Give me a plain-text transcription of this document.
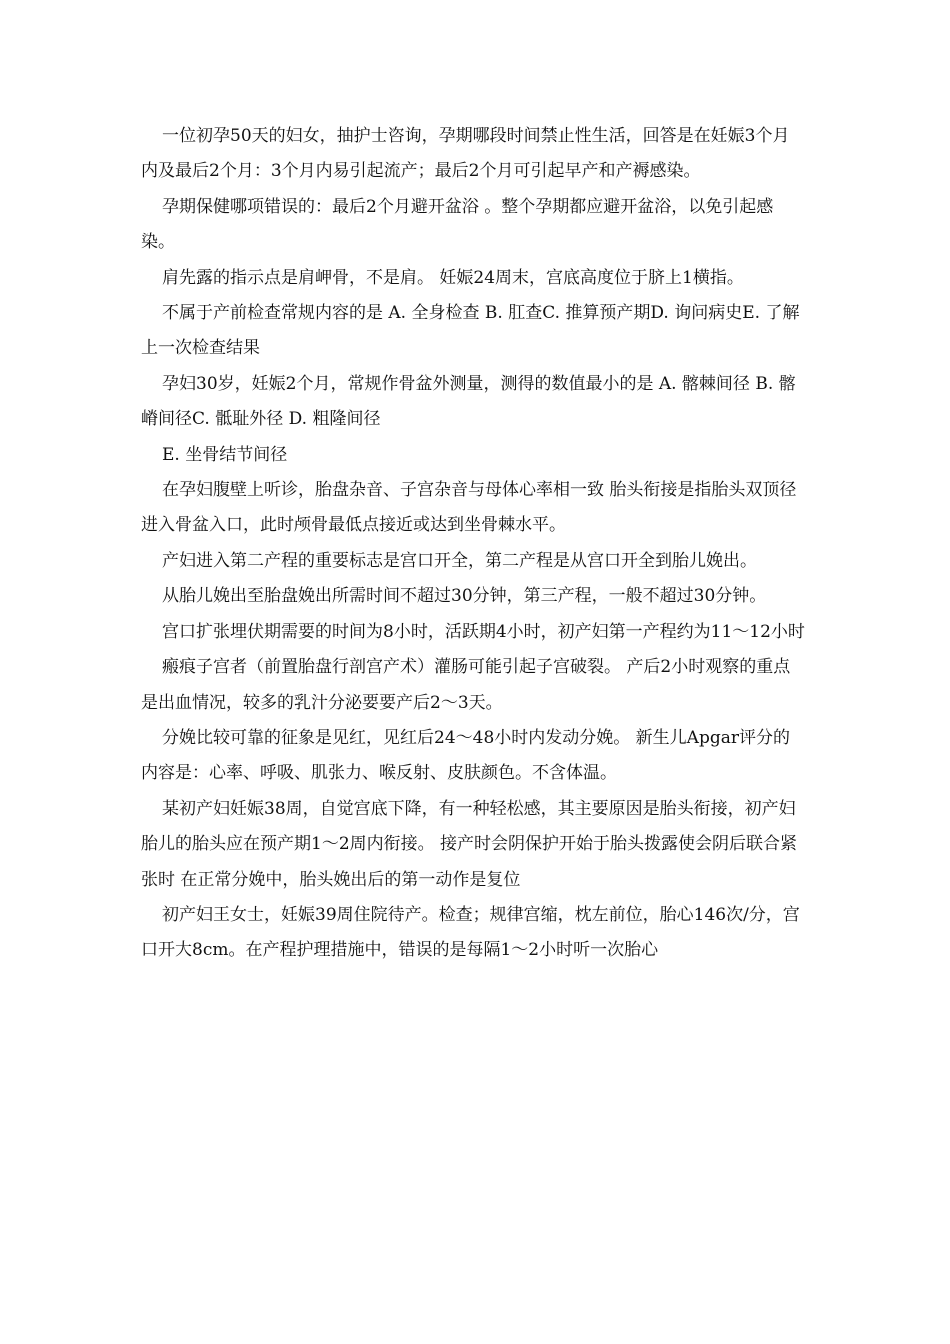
一位初孕50天的妇女，抽护士咨询，孕期哪段时间禁止性生活，回答是在妊娠3个月内及最后2个月：3个月内易引起流产；最后2个月可引起早产和产褥感染。

孕期保健哪项错误的：最后2个月避开盆浴 。整个孕期都应避开盆浴，以免引起感染。

肩先露的指示点是肩岬骨，不是肩。 妊娠24周末，宫底高度位于脐上1横指。

不属于产前检查常规内容的是 A. 全身检查 B. 肛查C. 推算预产期D. 询问病史E. 了解上一次检查结果

孕妇30岁，妊娠2个月，常规作骨盆外测量，测得的数值最小的是 A. 髂棘间径 B. 髂嵴间径C. 骶耻外径 D. 粗隆间径

E. 坐骨结节间径

在孕妇腹壁上听诊，胎盘杂音、子宫杂音与母体心率相一致 胎头衔接是指胎头双顶径进入骨盆入口，此时颅骨最低点接近或达到坐骨棘水平。

产妇进入第二产程的重要标志是宫口开全，第二产程是从宫口开全到胎儿娩出。

从胎儿娩出至胎盘娩出所需时间不超过30分钟，第三产程，一般不超过30分钟。

宫口扩张埋伏期需要的时间为8小时，活跃期4小时，初产妇第一产程约为11～12小时

瘢痕子宫者（前置胎盘行剖宫产术）灌肠可能引起子宫破裂。 产后2小时观察的重点是出血情况，较多的乳汁分泌要要产后2～3天。

分娩比较可靠的征象是见红，见红后24～48小时内发动分娩。 新生儿Apgar评分的内容是：心率、呼吸、肌张力、喉反射、皮肤颜色。不含体温。

某初产妇妊娠38周，自觉宫底下降，有一种轻松感，其主要原因是胎头衔接，初产妇胎儿的胎头应在预产期1～2周内衔接。 接产时会阴保护开始于胎头拨露使会阴后联合紧张时 在正常分娩中，胎头娩出后的第一动作是复位

初产妇王女士，妊娠39周住院待产。检查；规律宫缩，枕左前位，胎心146次/分，宫口开大8cm。在产程护理措施中，错误的是每隔1～2小时听一次胎心
